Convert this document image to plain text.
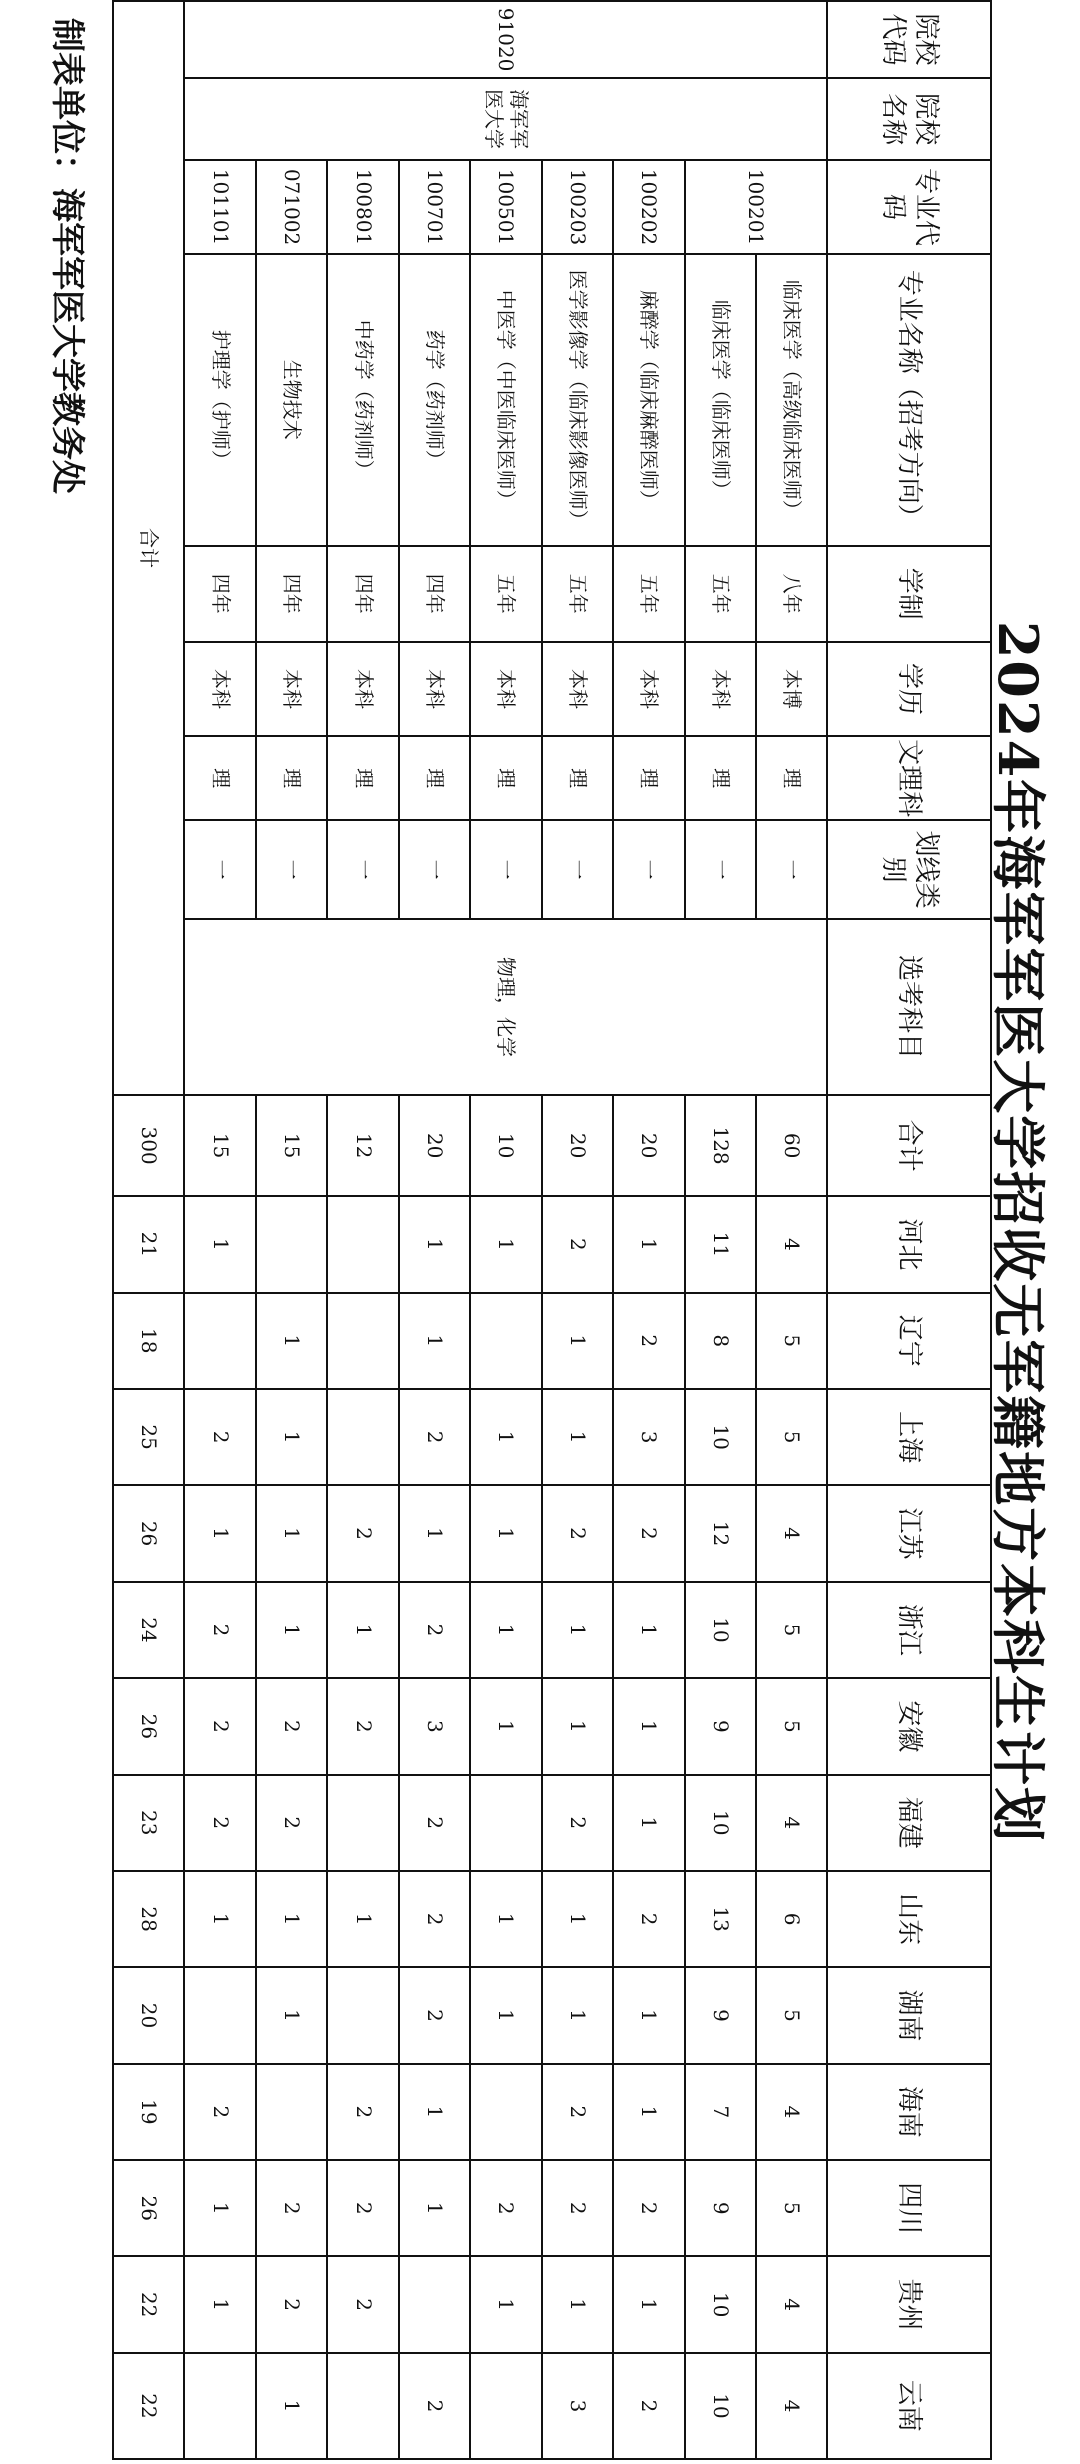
2024年海军军医大学招收无军籍地方本科生计划
院校代码	院校名称	专业代码	专业名称（招考方向）	学制	学历	文理科	划线类别	选考科目	合计	河北	辽宁	上海	江苏	浙江	安徽	福建	山东	湖南	海南	四川	贵州	云南
91020	海军军医大学	100201	临床医学（高级临床医师）	八年	本博	理	一	物理，化学	60	4	5	5	4	5	5	4	6	5	4	5	4	4
			临床医学（临床医师）	五年	本科	理	一		128	11	8	10	12	10	9	10	13	9	7	9	10	10
		100202	麻醉学（临床麻醉医师）	五年	本科	理	一		20	1	2	3	2	1	1	1	2	1	1	2	1	2
		100203	医学影像学（临床影像医师）	五年	本科	理	一		20	2	1	1	2	1	1	2	1	1	2	2	1	3
		100501	中医学（中医临床医师）	五年	本科	理	一		10	1		1	1	1	1		1	1		2	1	
		100701	药学（药剂师）	四年	本科	理	一		20	1	1	2	1	2	3	2	2	2	1	1		2
		100801	中药学（药剂师）	四年	本科	理	一		12				2	1	2		1		2	2	2	
		071002	生物技术	四年	本科	理	一		15		1	1	1	1	2	2	1	1		2	2	1
		101101	护理学（护师）	四年	本科	理	一		15	1		2	1	2	2	2	1		2	1	1	
合计									300	21	18	25	26	24	26	23	28	20	19	26	22	22
制表单位：海军军医大学教务处
